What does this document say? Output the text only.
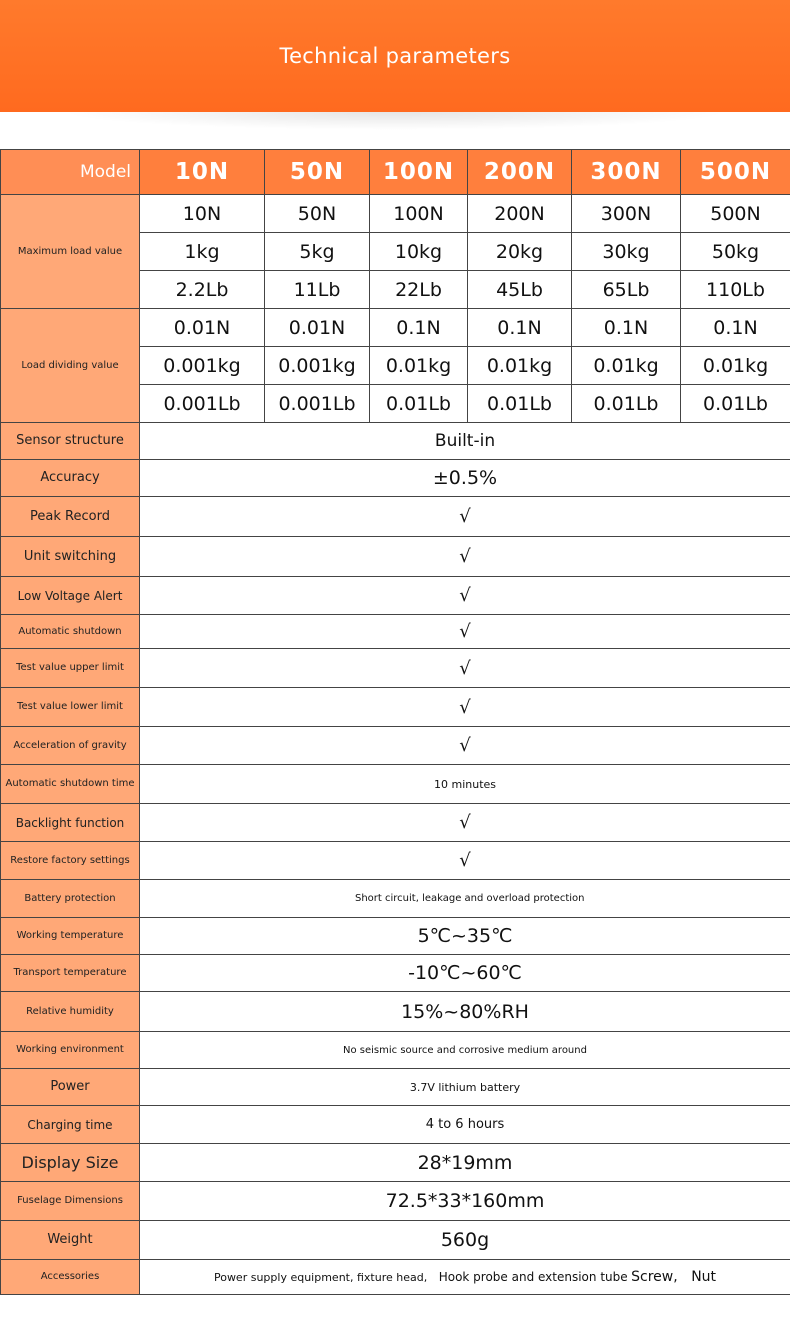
Technical parameters
Model	10N	50N	100N	200N	300N	500N
Maximum load value	10N	50N	100N	200N	300N	500N
	1kg	5kg	10kg	20kg	30kg	50kg
	2.2Lb	11Lb	22Lb	45Lb	65Lb	110Lb
Load dividing value	0.01N	0.01N	0.1N	0.1N	0.1N	0.1N
	0.001kg	0.001kg	0.01kg	0.01kg	0.01kg	0.01kg
	0.001Lb	0.001Lb	0.01Lb	0.01Lb	0.01Lb	0.01Lb
Sensor structure	Built-in					
Accuracy	±0.5%					
Peak Record	√					
Unit switching	√					
Low Voltage Alert	√					
Automatic shutdown	√					
Test value upper limit	√					
Test value lower limit	√					
Acceleration of gravity	√					
Automatic shutdown time	10 minutes					
Backlight function	√					
Restore factory settings	√					
Battery protection	Short circuit, leakage and overload protection					
Working temperature	5℃~35℃					
Transport temperature	-10℃~60℃					
Relative humidity	15%~80%RH					
Working environment	No seismic source and corrosive medium around					
Power	3.7V lithium battery					
Charging time	4 to 6 hours					
Display Size	28*19mm					
Fuselage Dimensions	72.5*33*160mm					
Weight	560g					
Accessories	Power supply equipment, fixture head, Hook probe and extension tube Screw, Nut					
